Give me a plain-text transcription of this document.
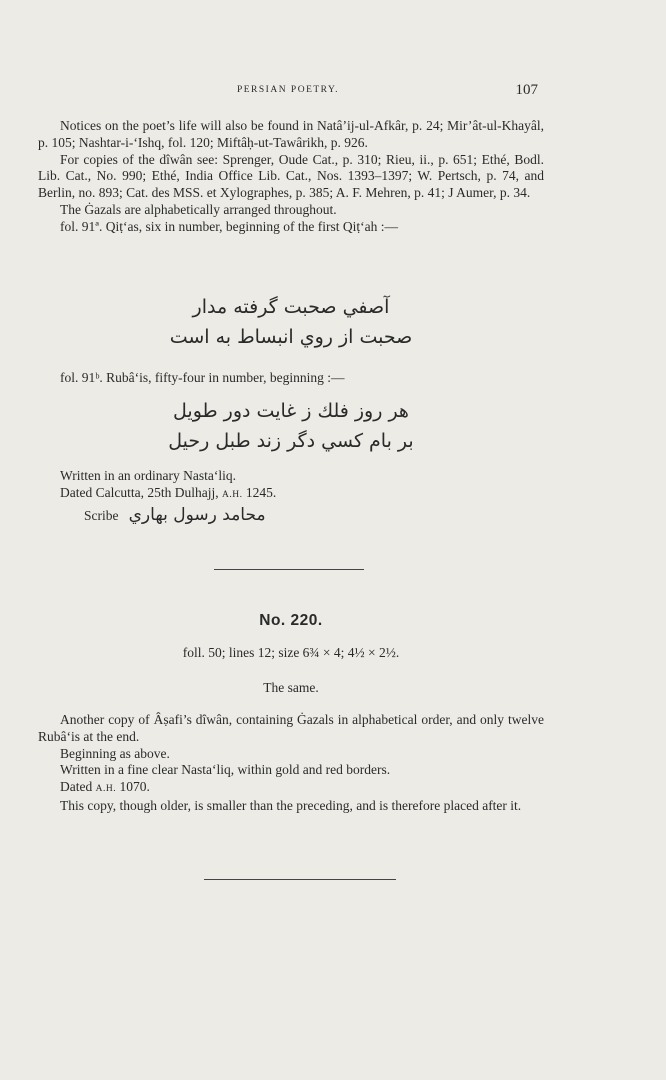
PERSIAN POETRY.	107

Notices on the poet’s life will also be found in Natâ’ij-ul-Afkâr, p. 24; Mir’ât-ul-Khayâl, p. 105; Nashtar-i-‘Ishq, fol. 120; Miftâḥ-ut-Tawârikh, p. 926.

For copies of the dîwân see: Sprenger, Oude Cat., p. 310; Rieu, ii., p. 651; Ethé, Bodl. Lib. Cat., No. 990; Ethé, India Office Lib. Cat., Nos. 1393–1397; W. Pertsch, p. 74, and Berlin, no. 893; Cat. des MSS. et Xylographes, p. 385; A. F. Mehren, p. 41; J Aumer, p. 34.

The Ġazals are alphabetically arranged throughout.

fol. 91ª. Qiṭ‘as, six in number, beginning of the first Qiṭ‘ah :—

آصفي صحبت گرفته مدار

صحبت از روي انبساط به است

fol. 91ᵇ. Rubâ‘is, fifty-four in number, beginning :—

هر روز فلك ز غايت دور طويل

بر بام كسي دگر زند طبل رحيل

Written in an ordinary Nasta‘liq.

Dated Calcutta, 25th Dulhajj, A.H. 1245.

Scribe محامد رسول بهاري

No. 220.
foll. 50; lines 12; size 6¾ × 4; 4½ × 2½.
The same.

Another copy of Âṣafi’s dîwân, containing Ġazals in alphabetical order, and only twelve Rubâ‘is at the end.

Beginning as above.

Written in a fine clear Nasta‘liq, within gold and red borders.

Dated A.H. 1070.

This copy, though older, is smaller than the preceding, and is therefore placed after it.
